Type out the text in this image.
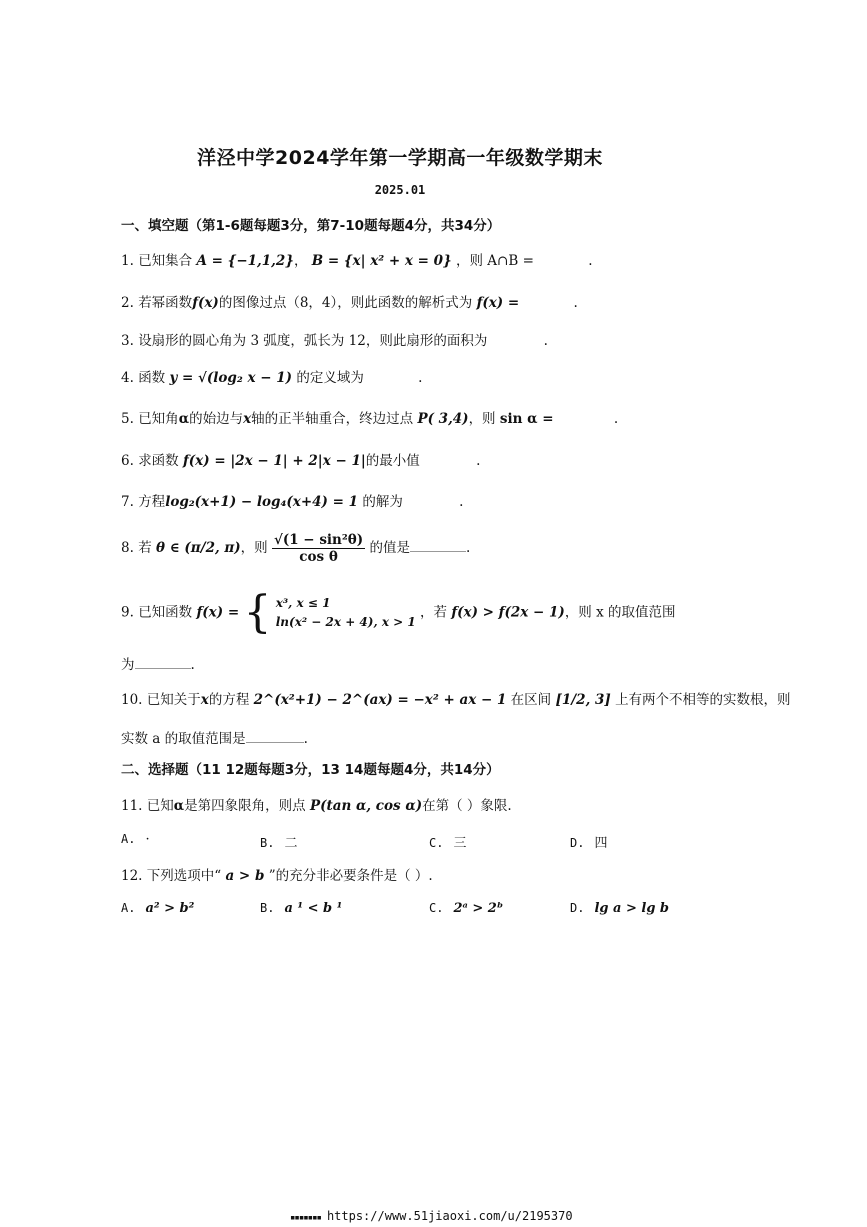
洋泾中学2024学年第一学期高一年级数学期末
2025.01
一、填空题（第1-6题每题3分，第7-10题每题4分，共34分）
1. 已知集合 A = {−1,1,2}， B = {x| x² + x = 0} ，则 A∩B =	.
2. 若幂函数f(x)的图像过点（8，4），则此函数的解析式为 f(x) =	.
3. 设扇形的圆心角为 3 弧度，弧长为 12，则此扇形的面积为	.
4. 函数 y = √(log₂ x − 1) 的定义域为	.
5. 已知角α的始边与x轴的正半轴重合，终边过点 P( 3,4)，则 sin α =	.
6. 求函数 f(x) = |2x − 1| + 2|x − 1|的最小值	.
7. 方程log₂(x+1) − log₄(x+4) = 1 的解为	.
8. 若 θ ∈ (π/2, π)，则 $\frac{\text{√(1 − sin²θ)}}{\text{cos θ}}$ 的值是	.
9. 已知函数 f(x) = { x³, x ≤ 1
ln(x² − 2x + 4), x > 1
，若 f(x) > f(2x − 1)，则 x 的取值范围
为	.
10. 已知关于x的方程 2^(x²+1) − 2^(ax) = −x² + ax − 1 在区间 [1/2, 3] 上有两个不相等的实数根，则
实数 a 的取值范围是	.
二、选择题（11 12题每题3分，13 14题每题4分，共14分）
11. 已知α是第四象限角，则点 P(tan α, cos α)在第（ ）象限.
A. ·	B. 二	C. 三	D. 四
12. 下列选项中“ a > b ”的充分非必要条件是（ ）.
A. a² > b²	B. a ¹ < b ¹	C. 2ᵃ > 2ᵇ	D. lg a > lg b
▪▪▪▪▪▪▪ https://www.51jiaoxi.com/u/2195370
